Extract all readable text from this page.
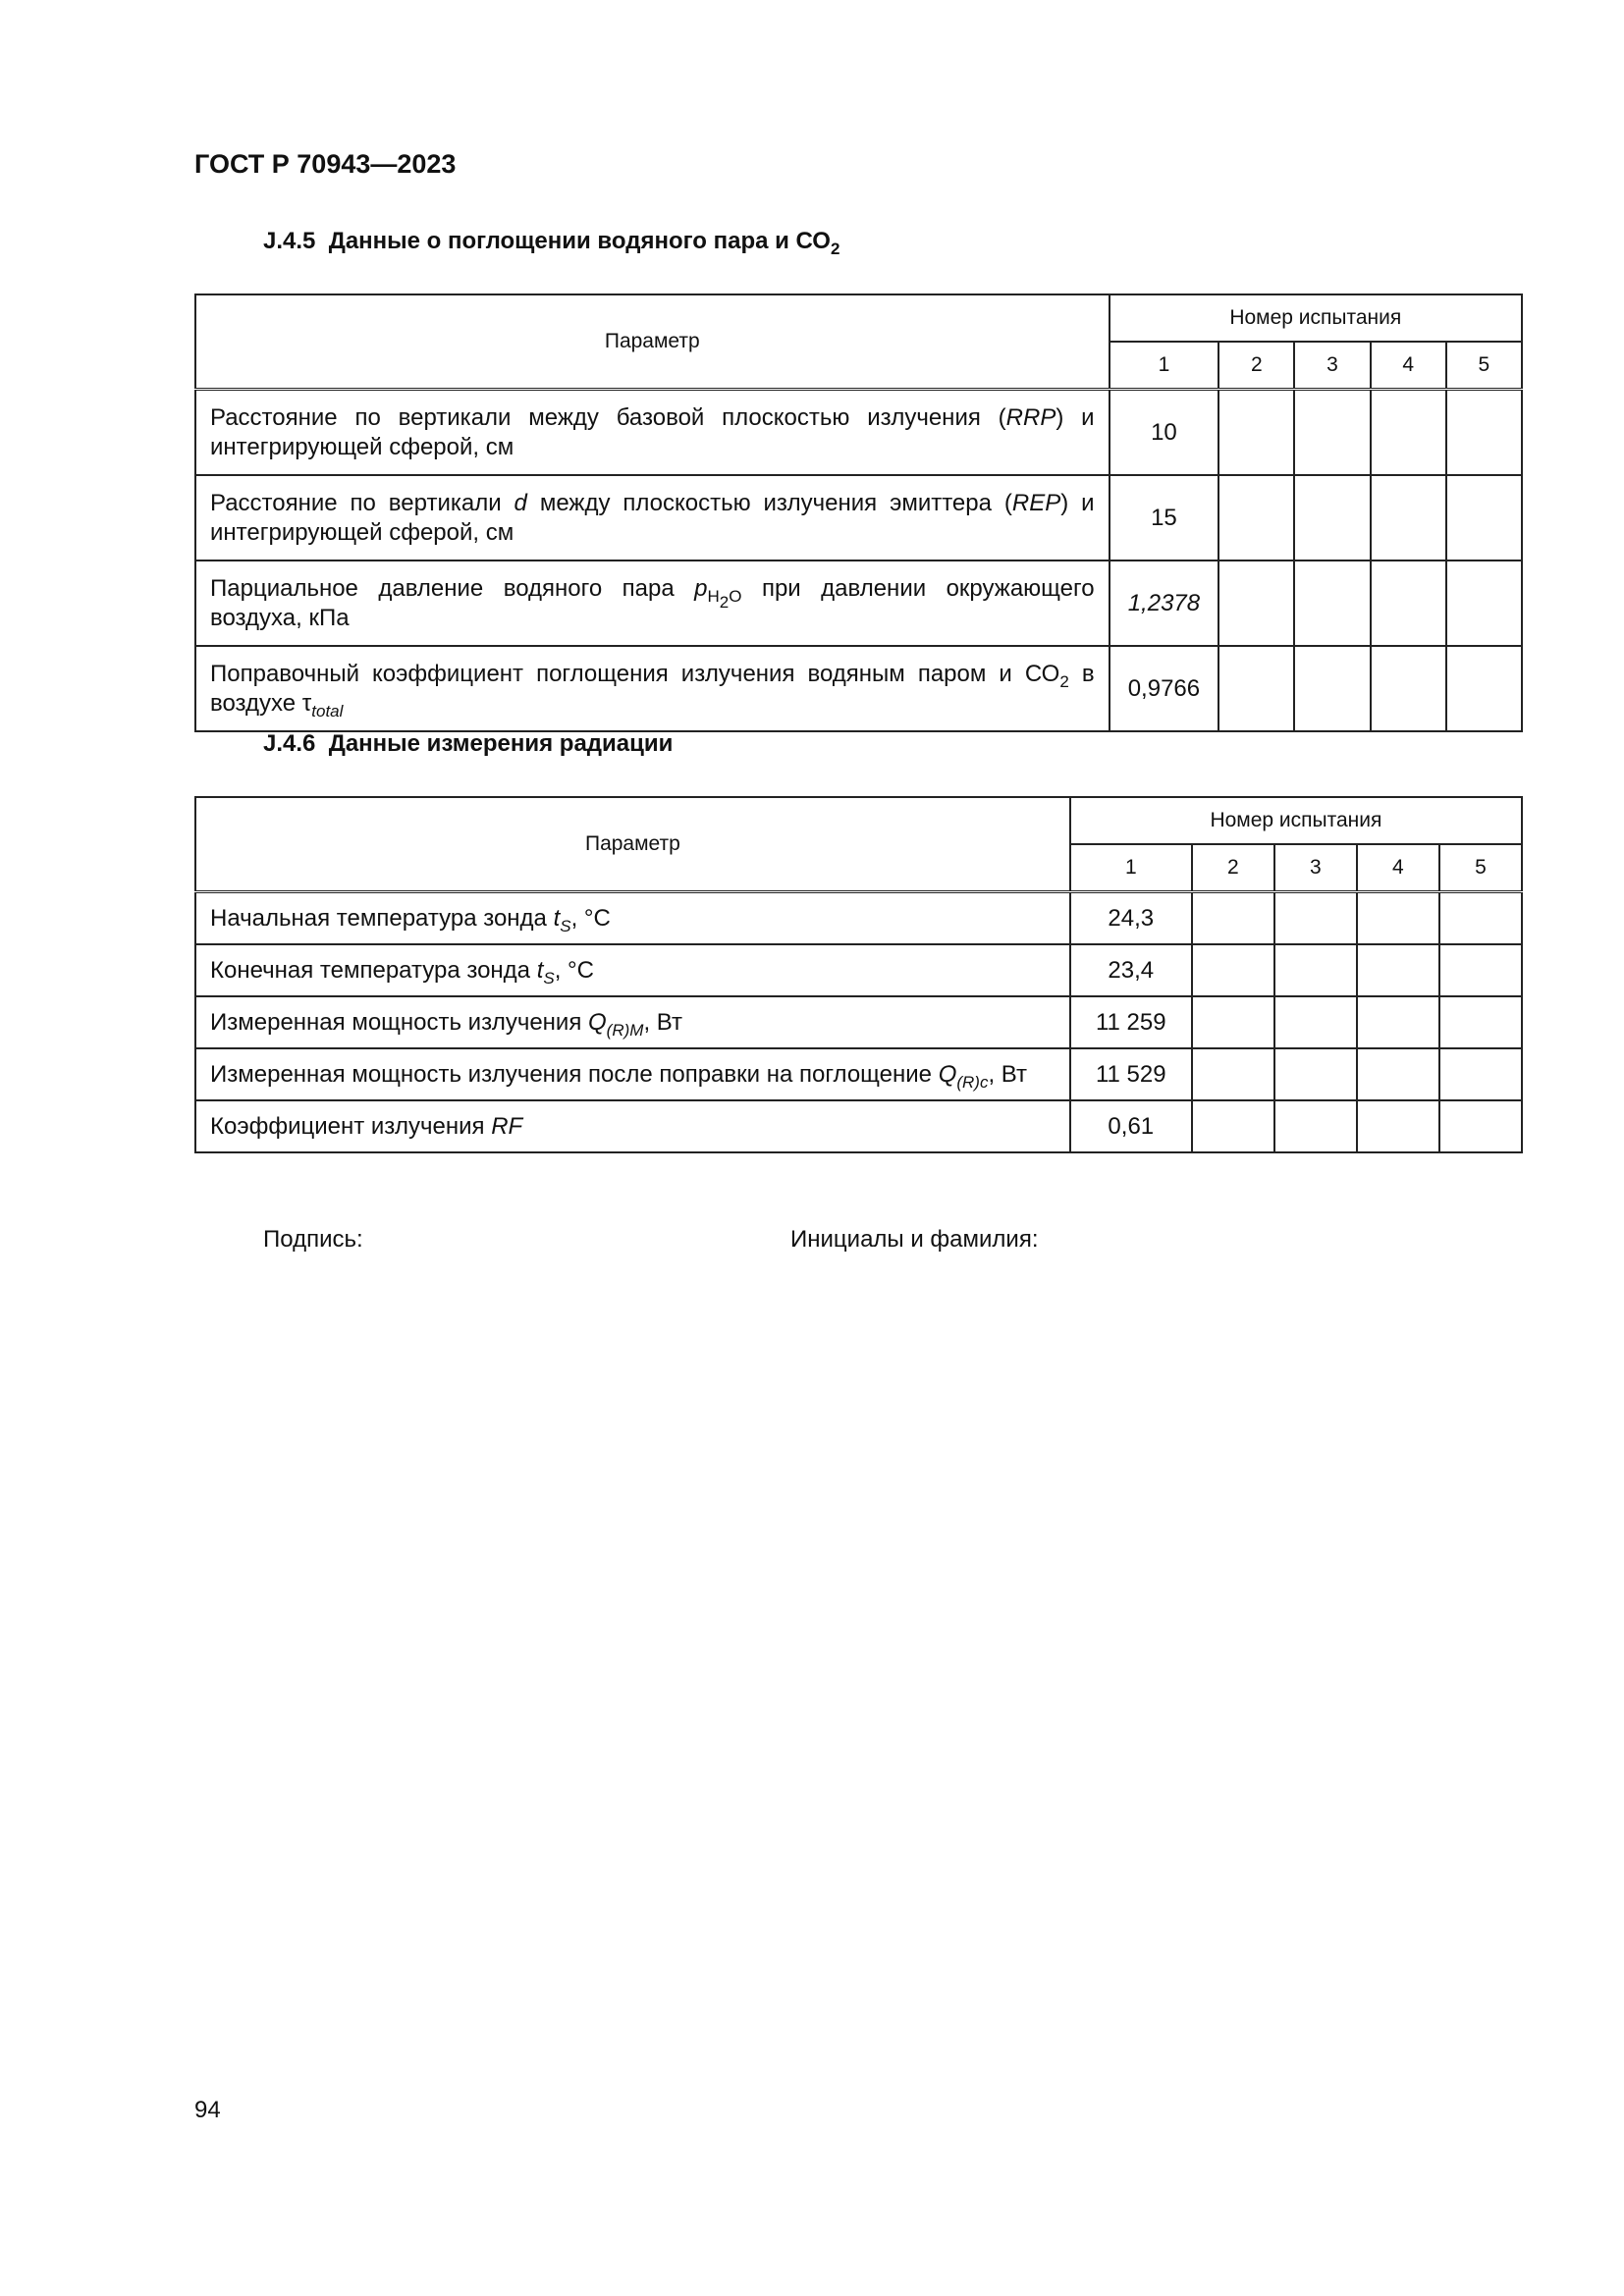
ГОСТ Р 70943—2023
J.4.5 Данные о поглощении водяного пара и $СО_2$
Параметр	Номер испытания				
	1	2	3	4	5
Расстояние по вертикали между базовой плоскостью излучения (RRP) и интегрирующей сферой, см	10				
Расстояние по вертикали d между плоскостью излучения эмиттера (REP) и интегрирующей сферой, см	15				
Парциальное давление водяного пара $p_{H_2O}$ при давлении окружающего воздуха, кПа	1,2378				
Поправочный коэффициент поглощения излучения водяным паром и $СО_2$ в воздухе $\tau_{total}$	0,9766				
J.4.6 Данные измерения радиации
Параметр	Номер испытания				
	1	2	3	4	5
Начальная температура зонда $t_S$, °С	24,3				
Конечная температура зонда $t_S$, °С	23,4				
Измеренная мощность излучения $Q_{(R)M}$, Вт	11 259				
Измеренная мощность излучения после поправки на поглощение $Q_{(R)c}$, Вт	11 529				
Коэффициент излучения RF	0,61				
Подпись:	Инициалы и фамилия:
94
